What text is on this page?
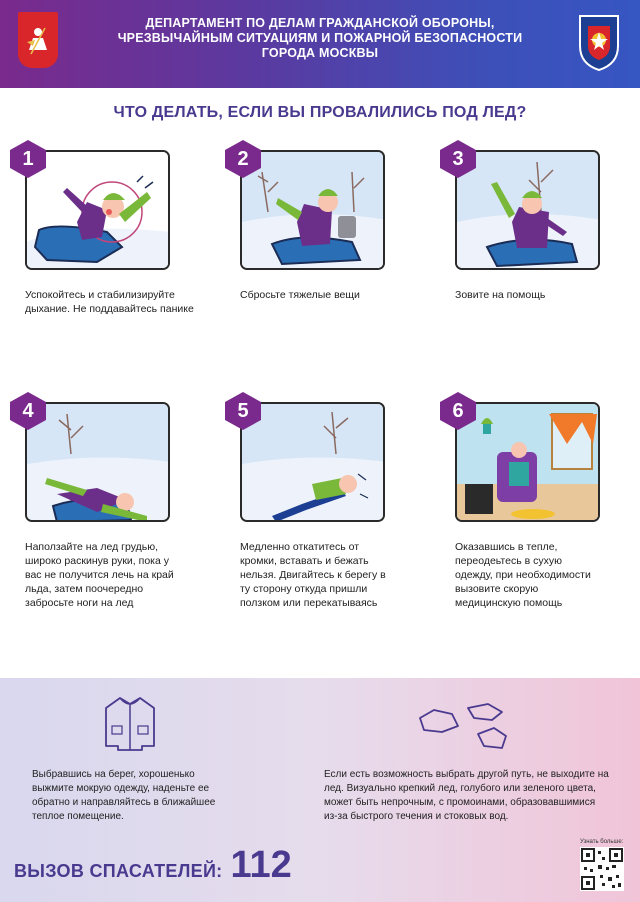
ДЕПАРТАМЕНТ ПО ДЕЛАМ ГРАЖДАНСКОЙ ОБОРОНЫ,
ЧРЕЗВЫЧАЙНЫМ СИТУАЦИЯМ И ПОЖАРНОЙ БЕЗОПАСНОСТИ
ГОРОДА МОСКВЫ
ЧТО ДЕЛАТЬ, ЕСЛИ ВЫ ПРОВАЛИЛИСЬ ПОД ЛЕД?
1
Успокойтесь и стабилизируйте
дыхание. Не поддавайтесь панике
2
Сбросьте тяжелые вещи
3
Зовите на помощь
4
Наползайте на лед грудью,
широко раскинув руки, пока у
вас не получится лечь на край
льда, затем поочередно
забросьте ноги на лед
5
Медленно откатитесь от
кромки, вставать и бежать
нельзя. Двигайтесь к берегу в
ту сторону откуда пришли
ползком или перекатываясь
6
Оказавшись в тепле,
переодеьтесь в сухую
одежду, при необходимости
вызовите скорую
медицинскую помощь
Выбравшись на берег, хорошенько
выжмите мокрую одежду, наденьте ее
обратно и направляйтесь в ближайшее
теплое помещение.
Если есть возможность выбрать другой путь, не выходите на
лед. Визуально крепкий лед, голубого или зеленого цвета,
может быть непрочным, с промоинами, образовавшимися
из-за быстрого течения и стоковых вод.
ВЫЗОВ СПАСАТЕЛЕЙ: 112
Узнать больше:
